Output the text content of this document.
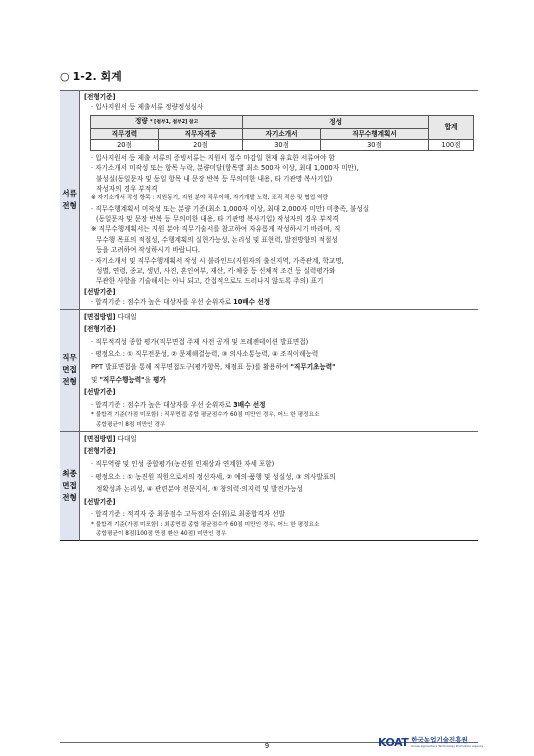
○ 1-2. 회계
서류
전형

[전형기준]
· 입사지원서 등 제출서류 정량정성심사
정량 * [첨부1, 첨부2] 참고	정성	합계
직무경력	직무자격증	자기소개서	직무수행계획서
20점	20점	30점	30점	100점
· 입사지원서 등 제출 서류의 증빙서류는 지원서 접수 마감일 현재 유효한 서류여야 함
· 자기소개서 미작성 또는 항목 누락, 분량미달(항목별 최소 500자 이상, 최대 1,000자 미만),
불성실(동일문자 및 동일 항목 내 문장 반복 등 무의미한 내용, 타 기관명 복사기입)
작성자의 경우 부적격
※ 자기소개서 작성 항목 : 지원동기, 지원 분야 직무이해, 자기개발 노력, 조직 적응 및 협업 역량
· 직무수행계획서 미작성 또는 분량 기준(최소 1,000자 이상, 최대 2,000자 미만) 미충족, 불성실
(동일문자 및 문장 반복 등 무의미한 내용, 타 기관명 복사기입) 작성자의 경우 부적격
※ 직무수행계획서는 지원 분야 직무기술서를 참고하여 자유롭게 작성하시기 바라며, 직
무수행 목표의 적절성, 수행계획의 실현가능성, 논리성 및 표현력, 발전방향의 적절성
등을 고려하여 작성하시기 바랍니다.
· 자기소개서 및 직무수행계획서 작성 시 블라인드(지원자의 출신지역, 가족관계, 학교명,
성별, 연령, 종교, 생년, 사진, 혼인여부, 재산, 키·체중 등 신체적 조건 등 실력평가와
무관한 사항을 기술해서는 아니 되고, 간접적으로도 드러나지 않도록 주의) 표기
[선발기준]
· 합격기준 : 점수가 높은 대상자를 우선 순위자로 10배수 선정

직무
면접
전형

[면접방법] 다대일
[전형기준]
· 직무적격성 종합 평가(직무면접 주제 사전 공개 및 프레젠테이션 발표면접)
· 평정요소 : ① 직무전문성, ② 문제해결능력, ③ 의사소통능력, ④ 조직이해능력
PPT 발표면접을 통해 직무면접도구(평가항목, 채점표 등)를 활용하여 "직무기초능력"
및 "직무수행능력"을 평가
[선발기준]
· 합격기준 : 점수가 높은 대상자를 우선 순위자로 3배수 선정
* 불합격 기준(가점 미포함) : 직무면접 종합 평균점수가 60점 미만인 경우, 어느 한 평정요소
종합평균이 8점 미만인 경우

최종
면접
전형

[면접방법] 다대일
[전형기준]
· 직무역량 및 인성 종합평가(농진원 인재상과 연계한 자세 포함)
· 평정요소 : ① 농진원 직원으로서의 정신자세, ② 예의·품행 및 성실성, ③ 의사발표의
정확성과 논리성, ④ 관련분야 전문지식, ⑤ 창의력·의지력 및 발전가능성
[선발기준]
· 합격기준 : 적격자 중 최종점수 고득점자 순(위)로 최종합격자 선발
* 불합격 기준(가점 미포함) : 최종면접 종합 평균점수가 60점 미만인 경우, 어느 한 평정요소
종합평균이 8점(100점 만점 환산 40점) 미만인 경우
9	KOAT 한국농업기술진흥원
Korea Agriculture Technology Promotion Agency
